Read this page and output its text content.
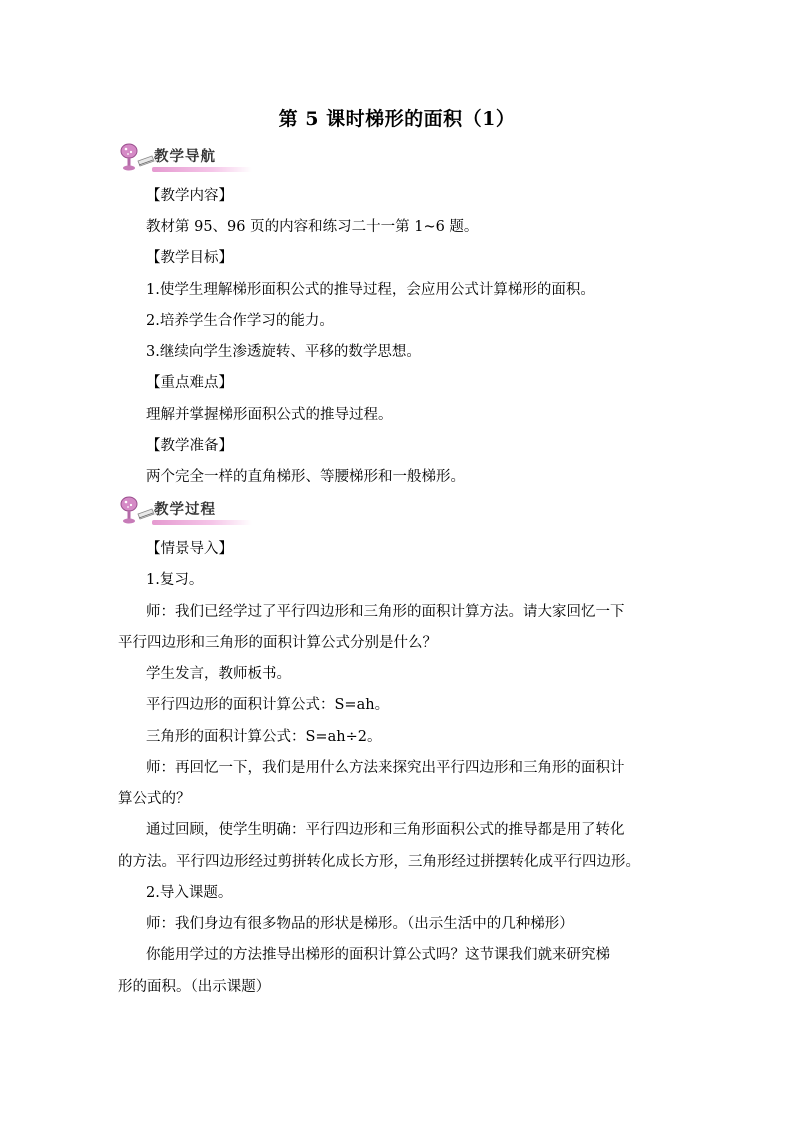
第 5 课时梯形的面积（1）
教学导航
【教学内容】
教材第 95、96 页的内容和练习二十一第 1~6 题。
【教学目标】
1.使学生理解梯形面积公式的推导过程，会应用公式计算梯形的面积。
2.培养学生合作学习的能力。
3.继续向学生渗透旋转、平移的数学思想。
【重点难点】
理解并掌握梯形面积公式的推导过程。
【教学准备】
两个完全一样的直角梯形、等腰梯形和一般梯形。
教学过程
【情景导入】
1.复习。
师：我们已经学过了平行四边形和三角形的面积计算方法。请大家回忆一下
平行四边形和三角形的面积计算公式分别是什么？
学生发言，教师板书。
平行四边形的面积计算公式：S=ah。
三角形的面积计算公式：S=ah÷2。
师：再回忆一下，我们是用什么方法来探究出平行四边形和三角形的面积计
算公式的？
通过回顾，使学生明确：平行四边形和三角形面积公式的推导都是用了转化
的方法。平行四边形经过剪拼转化成长方形，三角形经过拼摆转化成平行四边形。
2.导入课题。
师：我们身边有很多物品的形状是梯形。（出示生活中的几种梯形）
你能用学过的方法推导出梯形的面积计算公式吗？这节课我们就来研究梯
形的面积。（出示课题）
